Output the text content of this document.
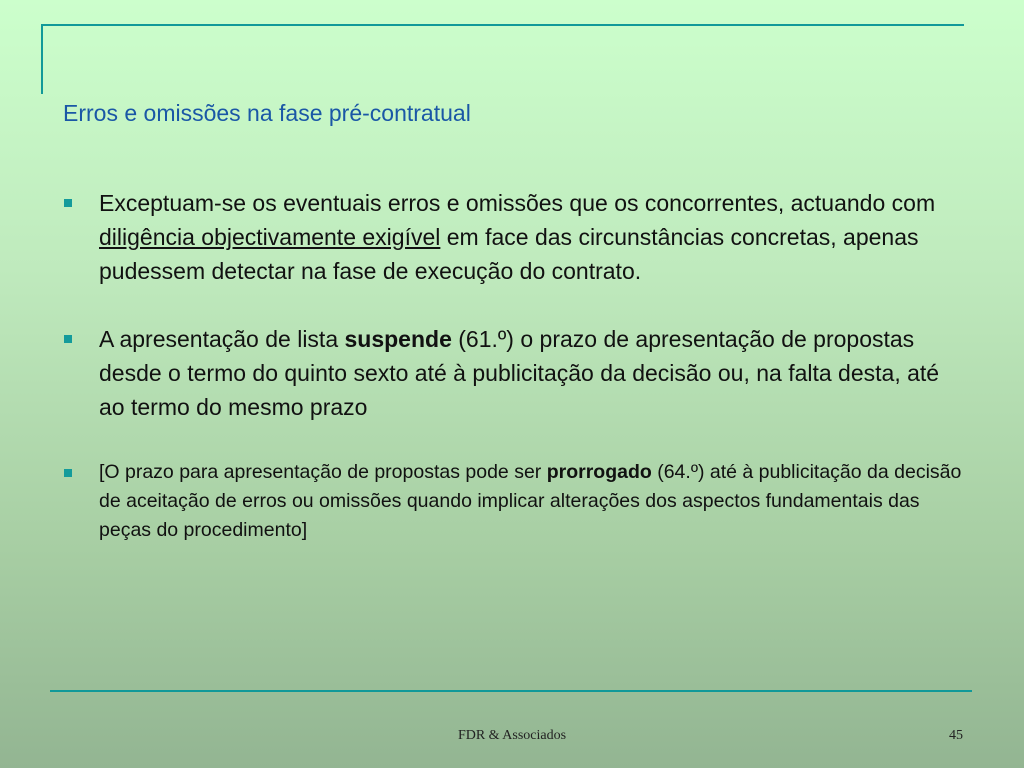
Erros e omissões na fase pré-contratual
Exceptuam-se os eventuais erros e omissões que os concorrentes, actuando com diligência objectivamente exigível em face das circunstâncias concretas, apenas pudessem detectar na fase de execução do contrato.
A apresentação de lista suspende (61.º) o prazo de apresentação de propostas desde o termo do quinto sexto até à publicitação da decisão ou, na falta desta, até ao termo do mesmo prazo
[O prazo para apresentação de propostas pode ser prorrogado (64.º) até à publicitação da decisão de aceitação de erros ou omissões quando implicar alterações dos aspectos fundamentais das peças do procedimento]
FDR & Associados	45
